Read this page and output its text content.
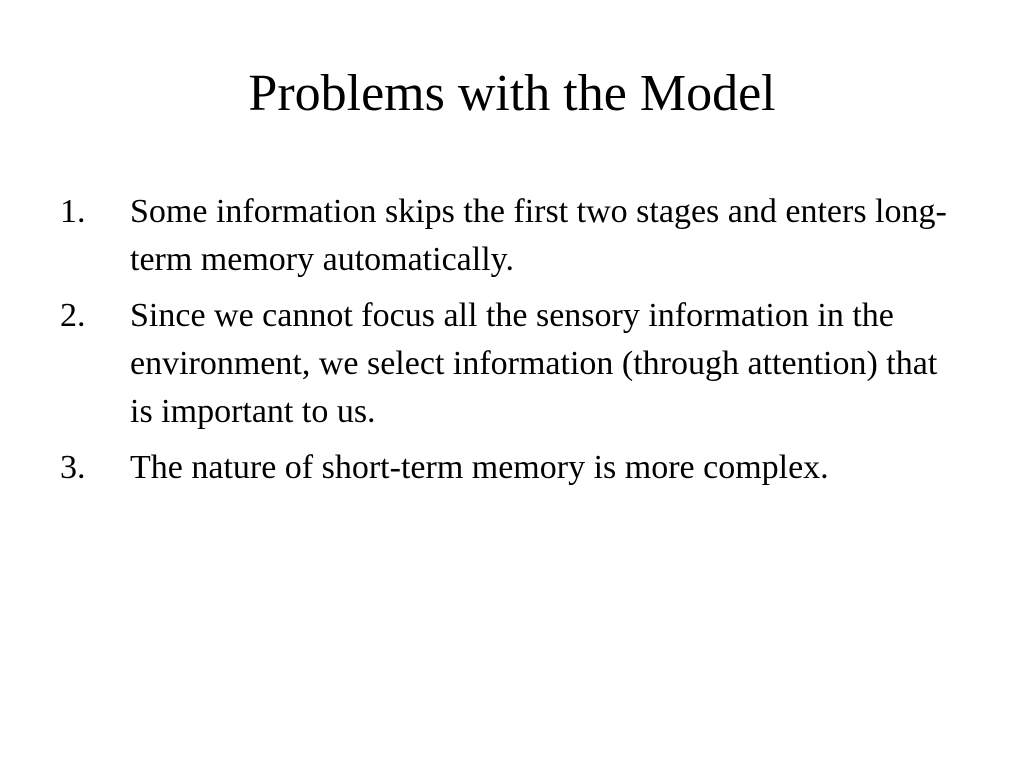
Problems with the Model
1.	Some information skips the first two stages and enters long-term memory automatically.
2.	Since we cannot focus all the sensory information in the environment, we select information (through attention) that is important to us.
3.	The nature of short-term memory is more complex.
